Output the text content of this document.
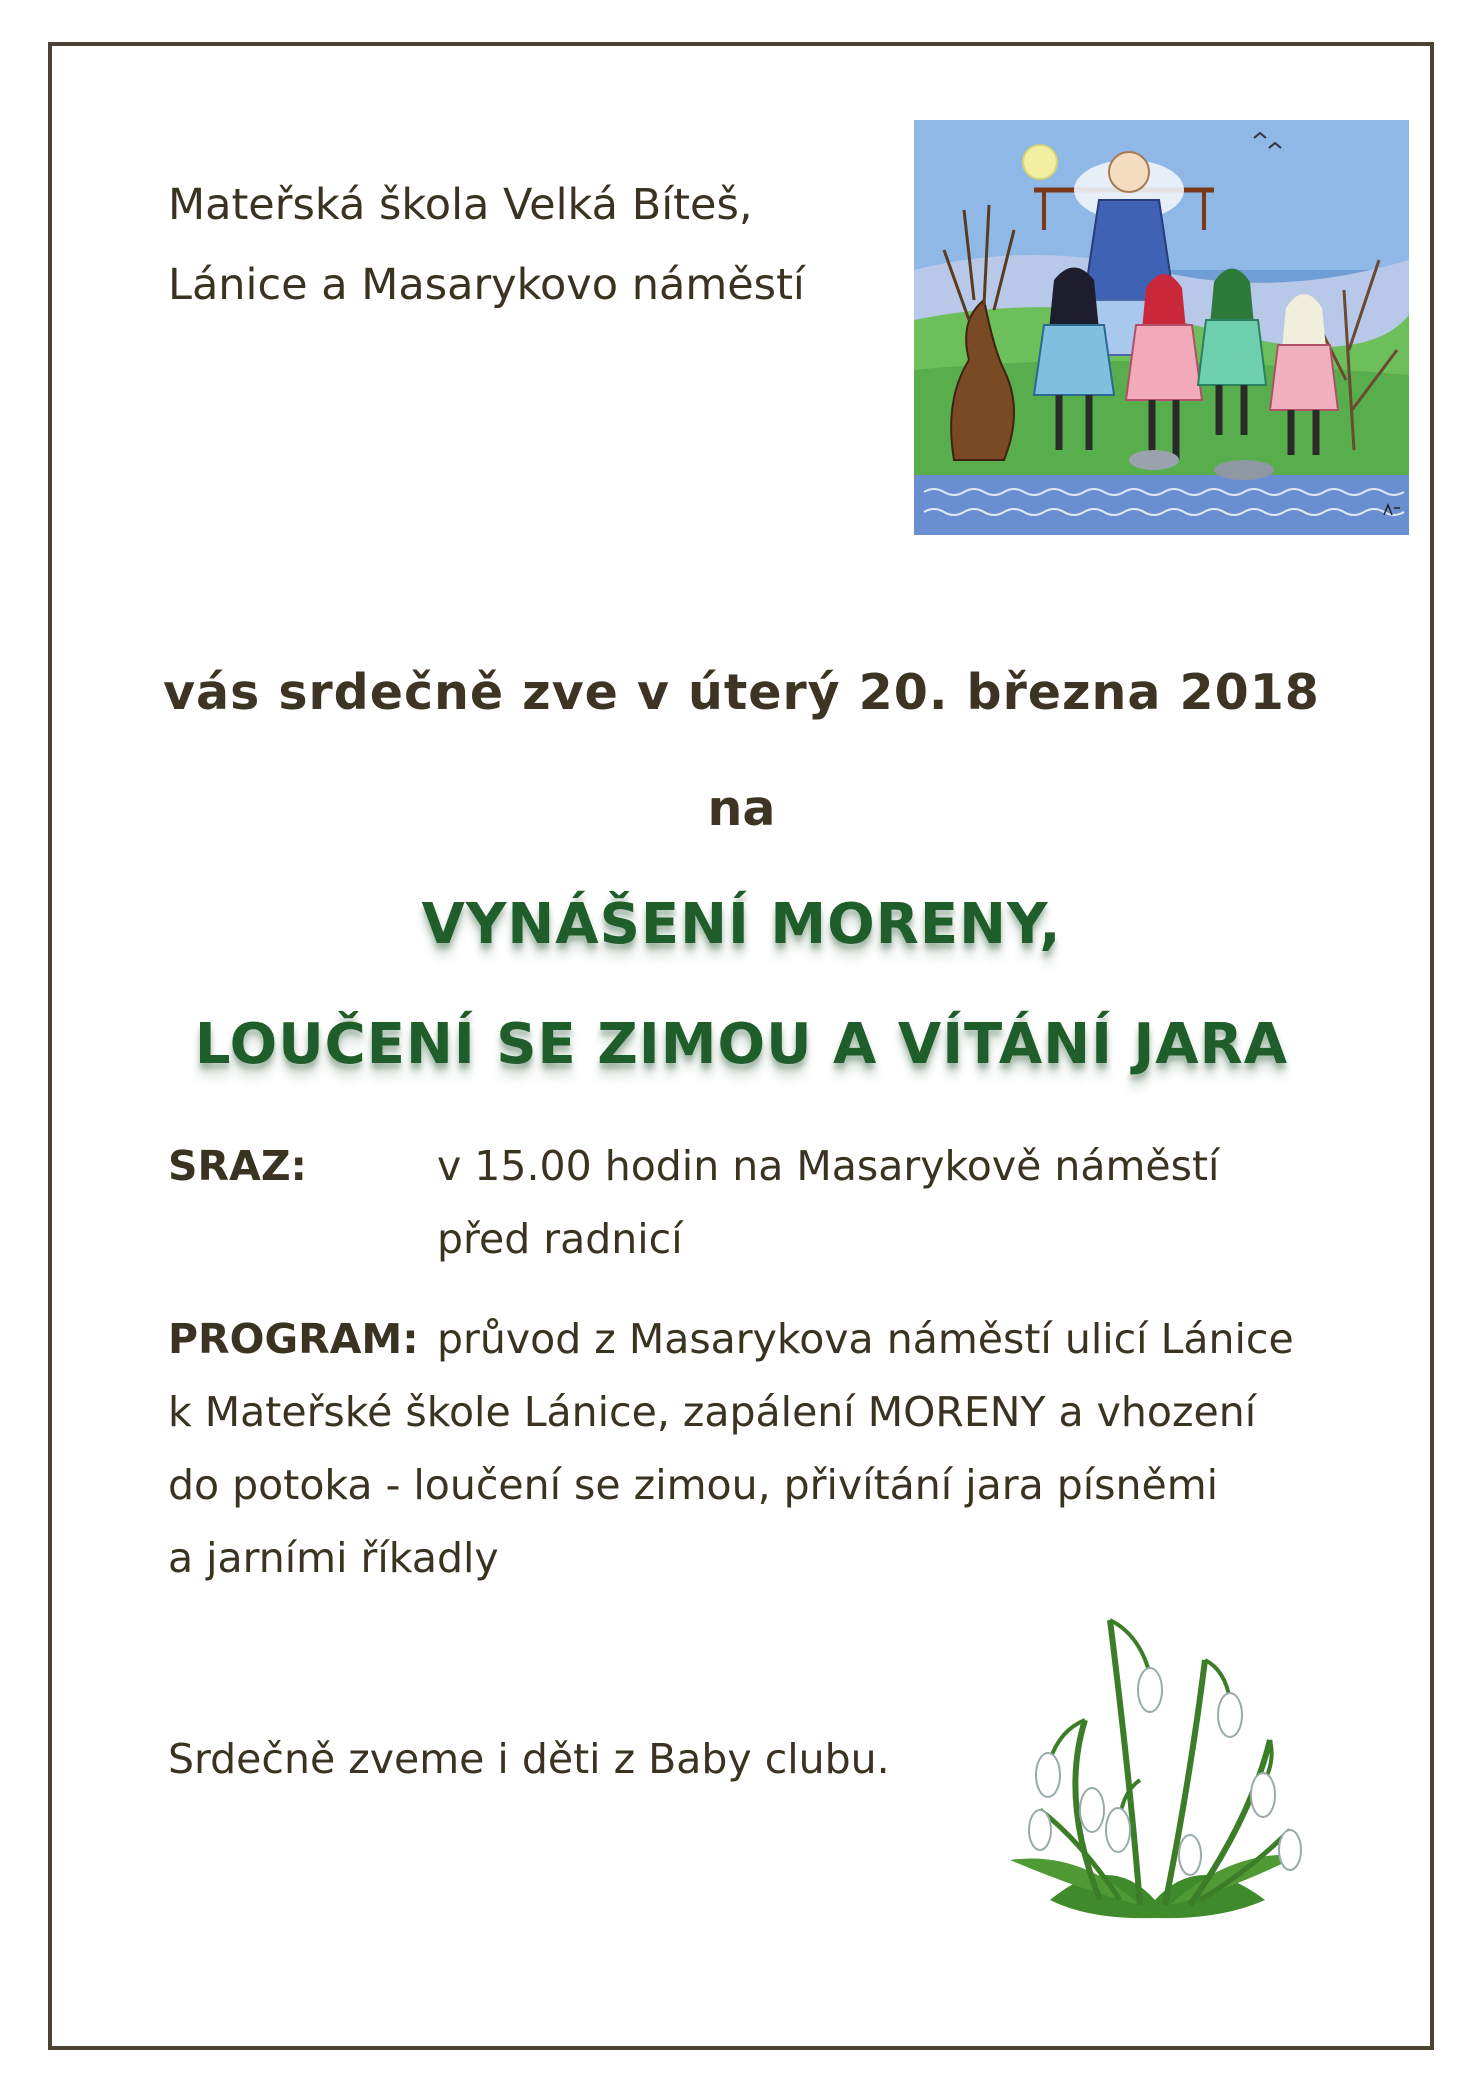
Mateřská škola Velká Bíteš,
Lánice a Masarykovo náměstí

vás srdečně zve v úterý 20. března 2018

na

VYNÁŠENÍ MORENY,

LOUČENÍ SE ZIMOU A VÍTÁNÍ JARA

SRAZ:	v 15.00 hodin na Masarykově náměstí
před radnicí
PROGRAM: průvod z Masarykova náměstí ulicí Lánice
k Mateřské škole Lánice, zapálení MORENY a vhození
do potoka - loučení se zimou, přivítání jara písněmi
a jarními říkadly
Srdečně zveme i děti z Baby clubu.
